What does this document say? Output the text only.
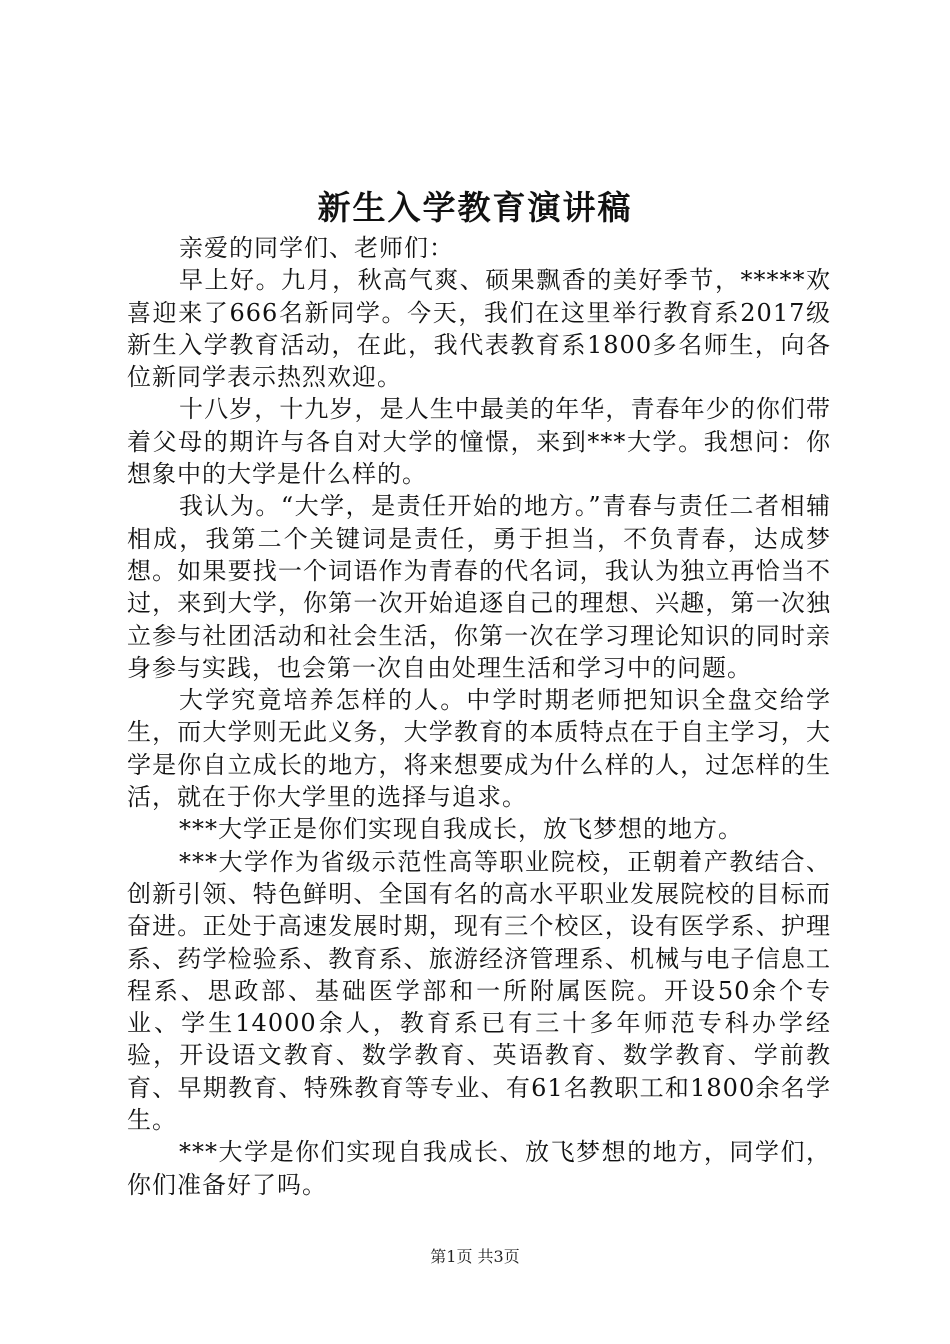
新生入学教育演讲稿

亲爱的同学们、老师们：

早上好。九月，秋高气爽、硕果飘香的美好季节，*****欢喜迎来了666名新同学。今天，我们在这里举行教育系2017级新生入学教育活动，在此，我代表教育系1800多名师生，向各位新同学表示热烈欢迎。

十八岁，十九岁，是人生中最美的年华，青春年少的你们带着父母的期许与各自对大学的憧憬，来到***大学。我想问：你想象中的大学是什么样的。

我认为。“大学，是责任开始的地方。”青春与责任二者相辅相成，我第二个关键词是责任，勇于担当，不负青春，达成梦想。如果要找一个词语作为青春的代名词，我认为独立再恰当不过，来到大学，你第一次开始追逐自己的理想、兴趣，第一次独立参与社团活动和社会生活，你第一次在学习理论知识的同时亲身参与实践，也会第一次自由处理生活和学习中的问题。

大学究竟培养怎样的人。中学时期老师把知识全盘交给学生，而大学则无此义务，大学教育的本质特点在于自主学习，大学是你自立成长的地方，将来想要成为什么样的人，过怎样的生活，就在于你大学里的选择与追求。

***大学正是你们实现自我成长，放飞梦想的地方。

***大学作为省级示范性高等职业院校，正朝着产教结合、创新引领、特色鲜明、全国有名的高水平职业发展院校的目标而奋进。正处于高速发展时期，现有三个校区，设有医学系、护理系、药学检验系、教育系、旅游经济管理系、机械与电子信息工程系、思政部、基础医学部和一所附属医院。开设50余个专业、学生14000余人，教育系已有三十多年师范专科办学经验，开设语文教育、数学教育、英语教育、数学教育、学前教育、早期教育、特殊教育等专业、有61名教职工和1800余名学生。

***大学是你们实现自我成长、放飞梦想的地方，同学们，你们准备好了吗。

第1页 共3页
